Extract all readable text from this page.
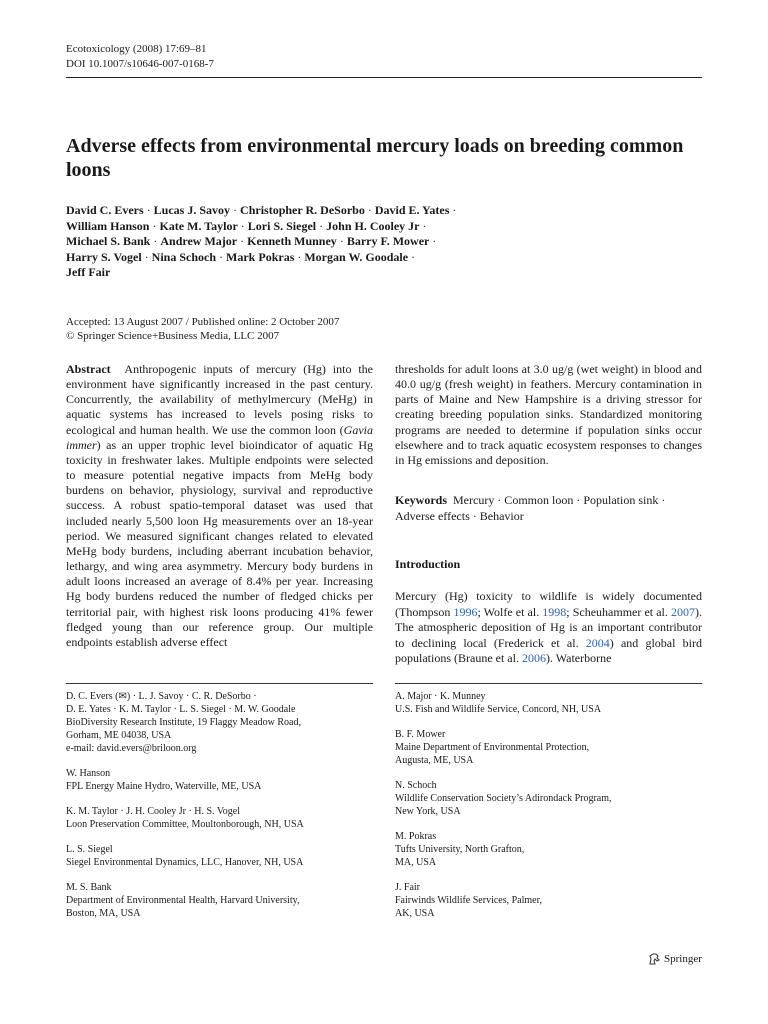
Ecotoxicology (2008) 17:69–81
DOI 10.1007/s10646-007-0168-7
Adverse effects from environmental mercury loads on breeding common loons
David C. Evers · Lucas J. Savoy · Christopher R. DeSorbo · David E. Yates ·
William Hanson · Kate M. Taylor · Lori S. Siegel · John H. Cooley Jr ·
Michael S. Bank · Andrew Major · Kenneth Munney · Barry F. Mower ·
Harry S. Vogel · Nina Schoch · Mark Pokras · Morgan W. Goodale ·
Jeff Fair
Accepted: 13 August 2007 / Published online: 2 October 2007
© Springer Science+Business Media, LLC 2007
Abstract Anthropogenic inputs of mercury (Hg) into the environment have significantly increased in the past century. Concurrently, the availability of methylmercury (MeHg) in aquatic systems has increased to levels posing risks to ecological and human health. We use the common loon (Gavia immer) as an upper trophic level bioindicator of aquatic Hg toxicity in freshwater lakes. Multiple endpoints were selected to measure potential negative impacts from MeHg body burdens on behavior, physiology, survival and reproductive success. A robust spatio-temporal dataset was used that included nearly 5,500 loon Hg measurements over an 18-year period. We measured significant changes related to elevated MeHg body burdens, including aberrant incubation behavior, lethargy, and wing area asymmetry. Mercury body burdens in adult loons increased an average of 8.4% per year. Increasing Hg body burdens reduced the number of fledged chicks per territorial pair, with highest risk loons producing 41% fewer fledged young than our reference group. Our multiple endpoints establish adverse effect
thresholds for adult loons at 3.0 ug/g (wet weight) in blood and 40.0 ug/g (fresh weight) in feathers. Mercury contamination in parts of Maine and New Hampshire is a driving stressor for creating breeding population sinks. Standardized monitoring programs are needed to determine if population sinks occur elsewhere and to track aquatic ecosystem responses to changes in Hg emissions and deposition.
Keywords Mercury · Common loon · Population sink · Adverse effects · Behavior
Introduction
Mercury (Hg) toxicity to wildlife is widely documented (Thompson 1996; Wolfe et al. 1998; Scheuhammer et al. 2007). The atmospheric deposition of Hg is an important contributor to declining local (Frederick et al. 2004) and global bird populations (Braune et al. 2006). Waterborne
D. C. Evers (✉) · L. J. Savoy · C. R. DeSorbo ·
D. E. Yates · K. M. Taylor · L. S. Siegel · M. W. Goodale
BioDiversity Research Institute, 19 Flaggy Meadow Road,
Gorham, ME 04038, USA
e-mail: david.evers@briloon.org
W. Hanson
FPL Energy Maine Hydro, Waterville, ME, USA
K. M. Taylor · J. H. Cooley Jr · H. S. Vogel
Loon Preservation Committee, Moultonborough, NH, USA
L. S. Siegel
Siegel Environmental Dynamics, LLC, Hanover, NH, USA
M. S. Bank
Department of Environmental Health, Harvard University,
Boston, MA, USA
A. Major · K. Munney
U.S. Fish and Wildlife Service, Concord, NH, USA
B. F. Mower
Maine Department of Environmental Protection,
Augusta, ME, USA
N. Schoch
Wildlife Conservation Society’s Adirondack Program,
New York, USA
M. Pokras
Tufts University, North Grafton,
MA, USA
J. Fair
Fairwinds Wildlife Services, Palmer,
AK, USA
Springer
